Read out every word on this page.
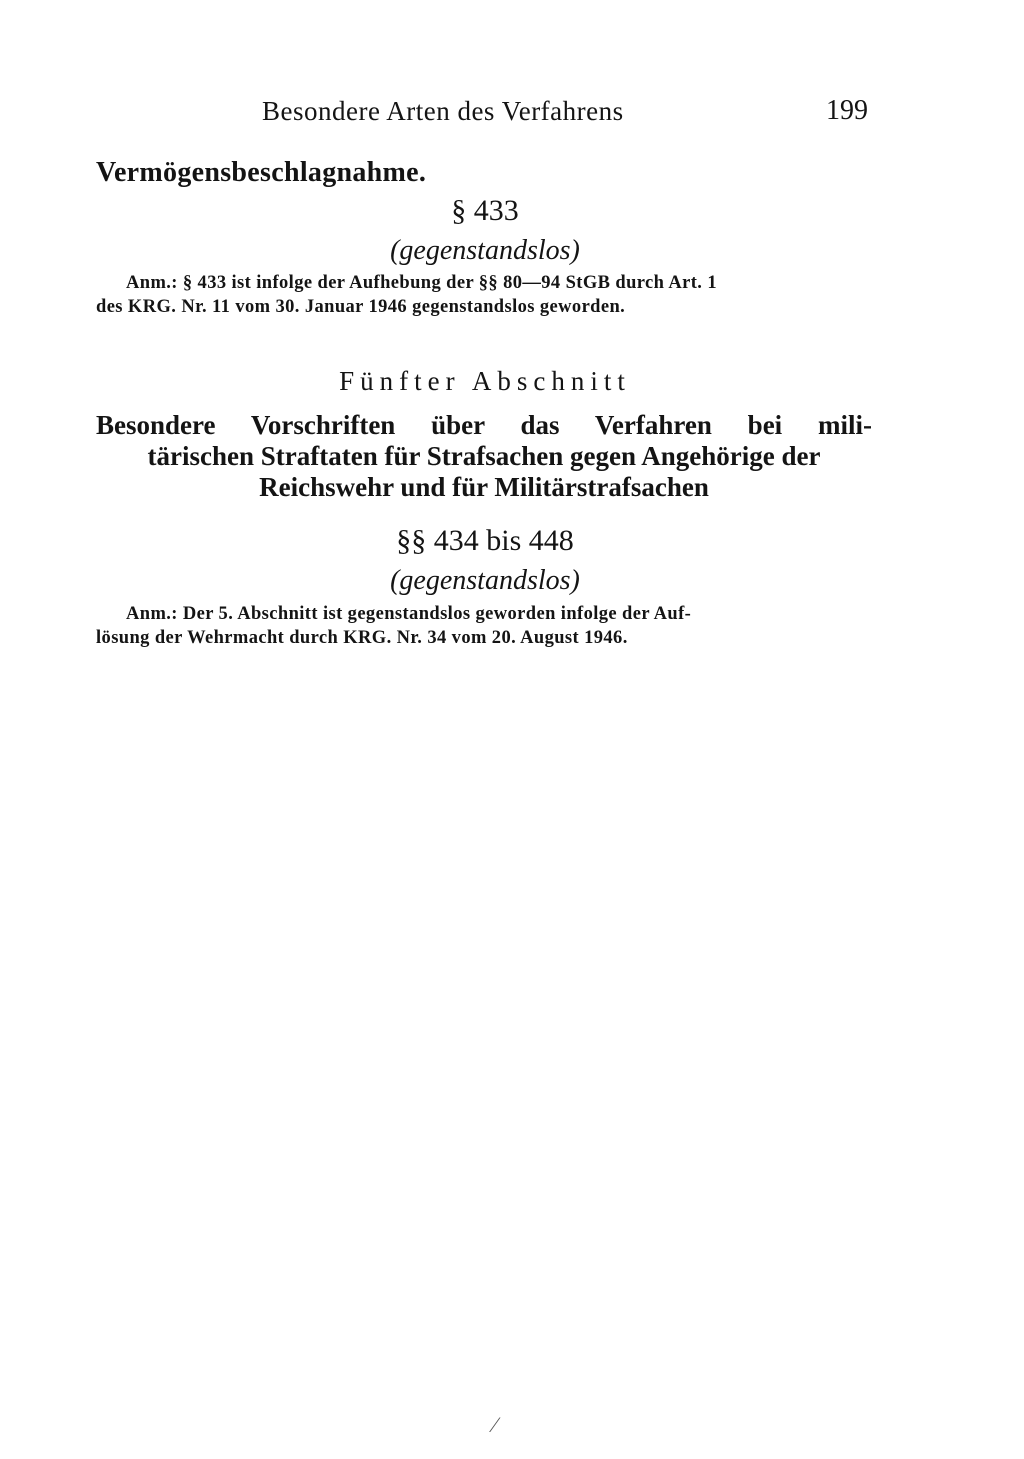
Besondere Arten des Verfahrens	199
Vermögensbeschlagnahme.
§ 433
(gegenstandslos)
Anm.: § 433 ist infolge der Aufhebung der §§ 80—94 StGB durch Art. 1
des KRG. Nr. 11 vom 30. Januar 1946 gegenstandslos geworden.
Fünfter Abschnitt
Besondere Vorschriften über das Verfahren bei mili-
tärischen Straftaten für Strafsachen gegen Angehörige der
Reichswehr und für Militärstrafsachen
§§ 434 bis 448
(gegenstandslos)
Anm.: Der 5. Abschnitt ist gegenstandslos geworden infolge der Auf-
lösung der Wehrmacht durch KRG. Nr. 34 vom 20. August 1946.
⁄
